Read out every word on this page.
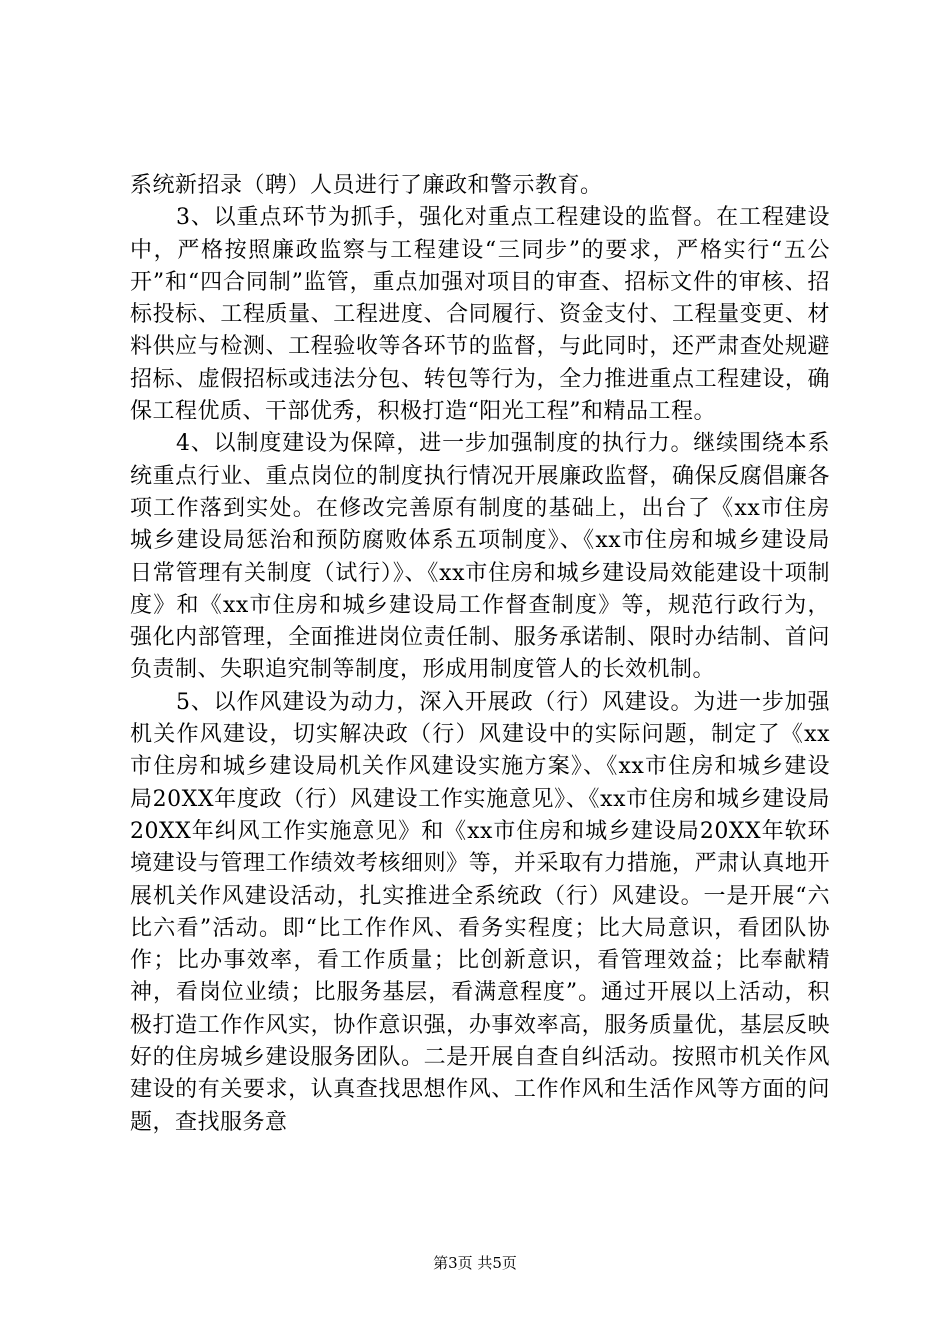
系统新招录（聘）人员进行了廉政和警示教育。

3、以重点环节为抓手，强化对重点工程建设的监督。在工程建设中，严格按照廉政监察与工程建设“三同步”的要求，严格实行“五公开”和“四合同制”监管，重点加强对项目的审查、招标文件的审核、招标投标、工程质量、工程进度、合同履行、资金支付、工程量变更、材料供应与检测、工程验收等各环节的监督，与此同时，还严肃查处规避招标、虚假招标或违法分包、转包等行为，全力推进重点工程建设，确保工程优质、干部优秀，积极打造“阳光工程”和精品工程。

4、以制度建设为保障，进一步加强制度的执行力。继续围绕本系统重点行业、重点岗位的制度执行情况开展廉政监督，确保反腐倡廉各项工作落到实处。在修改完善原有制度的基础上，出台了《xx市住房城乡建设局惩治和预防腐败体系五项制度》、《xx市住房和城乡建设局日常管理有关制度（试行）》、《xx市住房和城乡建设局效能建设十项制度》和《xx市住房和城乡建设局工作督查制度》等，规范行政行为，强化内部管理，全面推进岗位责任制、服务承诺制、限时办结制、首问负责制、失职追究制等制度，形成用制度管人的长效机制。

5、以作风建设为动力，深入开展政（行）风建设。为进一步加强机关作风建设，切实解决政（行）风建设中的实际问题，制定了《xx市住房和城乡建设局机关作风建设实施方案》、《xx市住房和城乡建设局20XX年度政（行）风建设工作实施意见》、《xx市住房和城乡建设局20XX年纠风工作实施意见》和《xx市住房和城乡建设局20XX年软环境建设与管理工作绩效考核细则》等，并采取有力措施，严肃认真地开展机关作风建设活动，扎实推进全系统政（行）风建设。一是开展“六比六看”活动。即“比工作作风、看务实程度；比大局意识，看团队协作；比办事效率，看工作质量；比创新意识，看管理效益；比奉献精神，看岗位业绩；比服务基层，看满意程度”。通过开展以上活动，积极打造工作作风实，协作意识强，办事效率高，服务质量优，基层反映好的住房城乡建设服务团队。二是开展自查自纠活动。按照市机关作风建设的有关要求，认真查找思想作风、工作作风和生活作风等方面的问题，查找服务意

第3页 共5页
